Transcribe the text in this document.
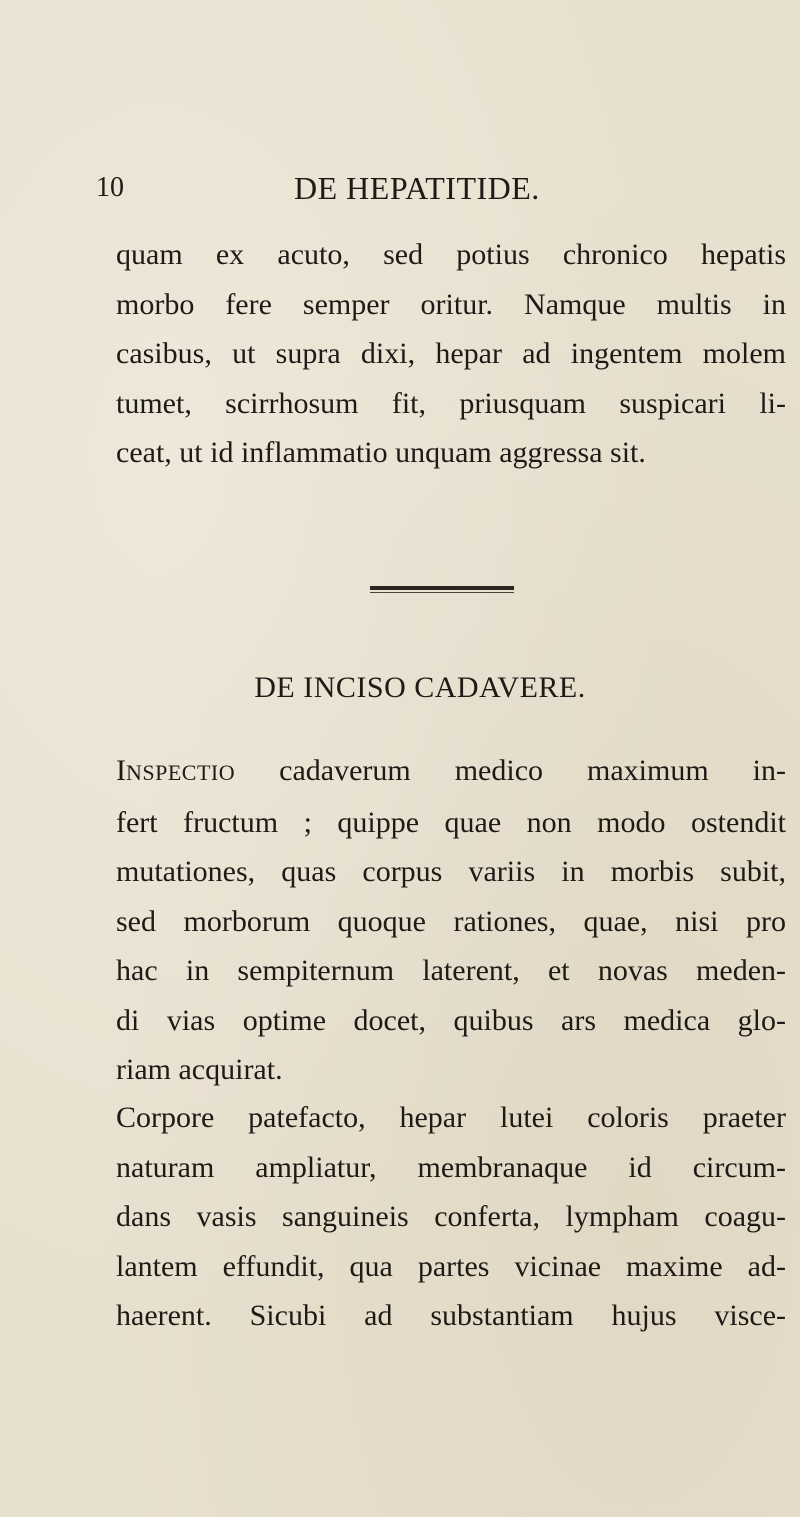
10	DE HEPATITIDE.
quam ex acuto, sed potius chronico hepatis
morbo fere semper oritur. Namque multis in
casibus, ut supra dixi, hepar ad ingentem molem
tumet, scirrhosum fit, priusquam suspicari li-
ceat, ut id inflammatio unquam aggressa sit.
DE INCISO CADAVERE.
INSPECTIO cadaverum medico maximum in-
fert fructum ; quippe quae non modo ostendit
mutationes, quas corpus variis in morbis subit,
sed morborum quoque rationes, quae, nisi pro
hac in sempiternum laterent, et novas meden-
di vias optime docet, quibus ars medica glo-
riam acquirat.
Corpore patefacto, hepar lutei coloris praeter
naturam ampliatur, membranaque id circum-
dans vasis sanguineis conferta, lympham coagu-
lantem effundit, qua partes vicinae maxime ad-
haerent. Sicubi ad substantiam hujus visce-
